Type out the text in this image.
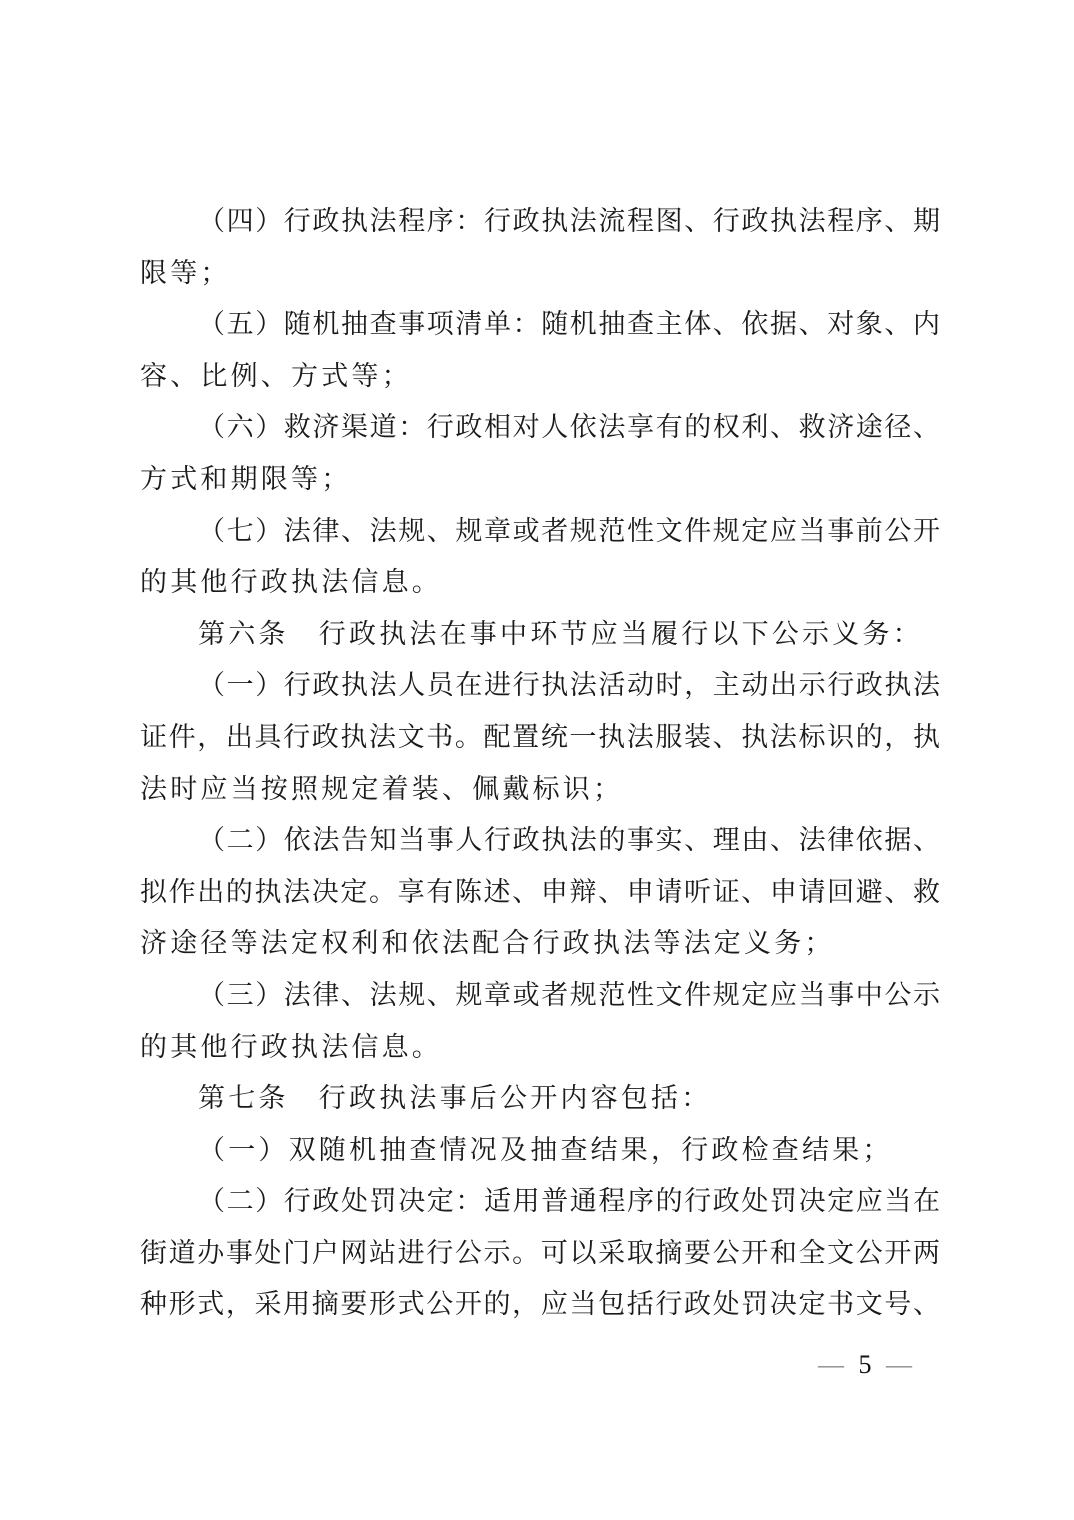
（四）行政执法程序：行政执法流程图、行政执法程序、期
限等；
（五）随机抽查事项清单：随机抽查主体、依据、对象、内
容、比例、方式等；
（六）救济渠道：行政相对人依法享有的权利、救济途径、
方式和期限等；
（七）法律、法规、规章或者规范性文件规定应当事前公开
的其他行政执法信息。
第六条　行政执法在事中环节应当履行以下公示义务：
（一）行政执法人员在进行执法活动时，主动出示行政执法
证件，出具行政执法文书。配置统一执法服装、执法标识的，执
法时应当按照规定着装、佩戴标识；
（二）依法告知当事人行政执法的事实、理由、法律依据、
拟作出的执法决定。享有陈述、申辩、申请听证、申请回避、救
济途径等法定权利和依法配合行政执法等法定义务；
（三）法律、法规、规章或者规范性文件规定应当事中公示
的其他行政执法信息。
第七条　行政执法事后公开内容包括：
（一）双随机抽查情况及抽查结果，行政检查结果；
（二）行政处罚决定：适用普通程序的行政处罚决定应当在
街道办事处门户网站进行公示。可以采取摘要公开和全文公开两
种形式，采用摘要形式公开的，应当包括行政处罚决定书文号、
— 5 —
